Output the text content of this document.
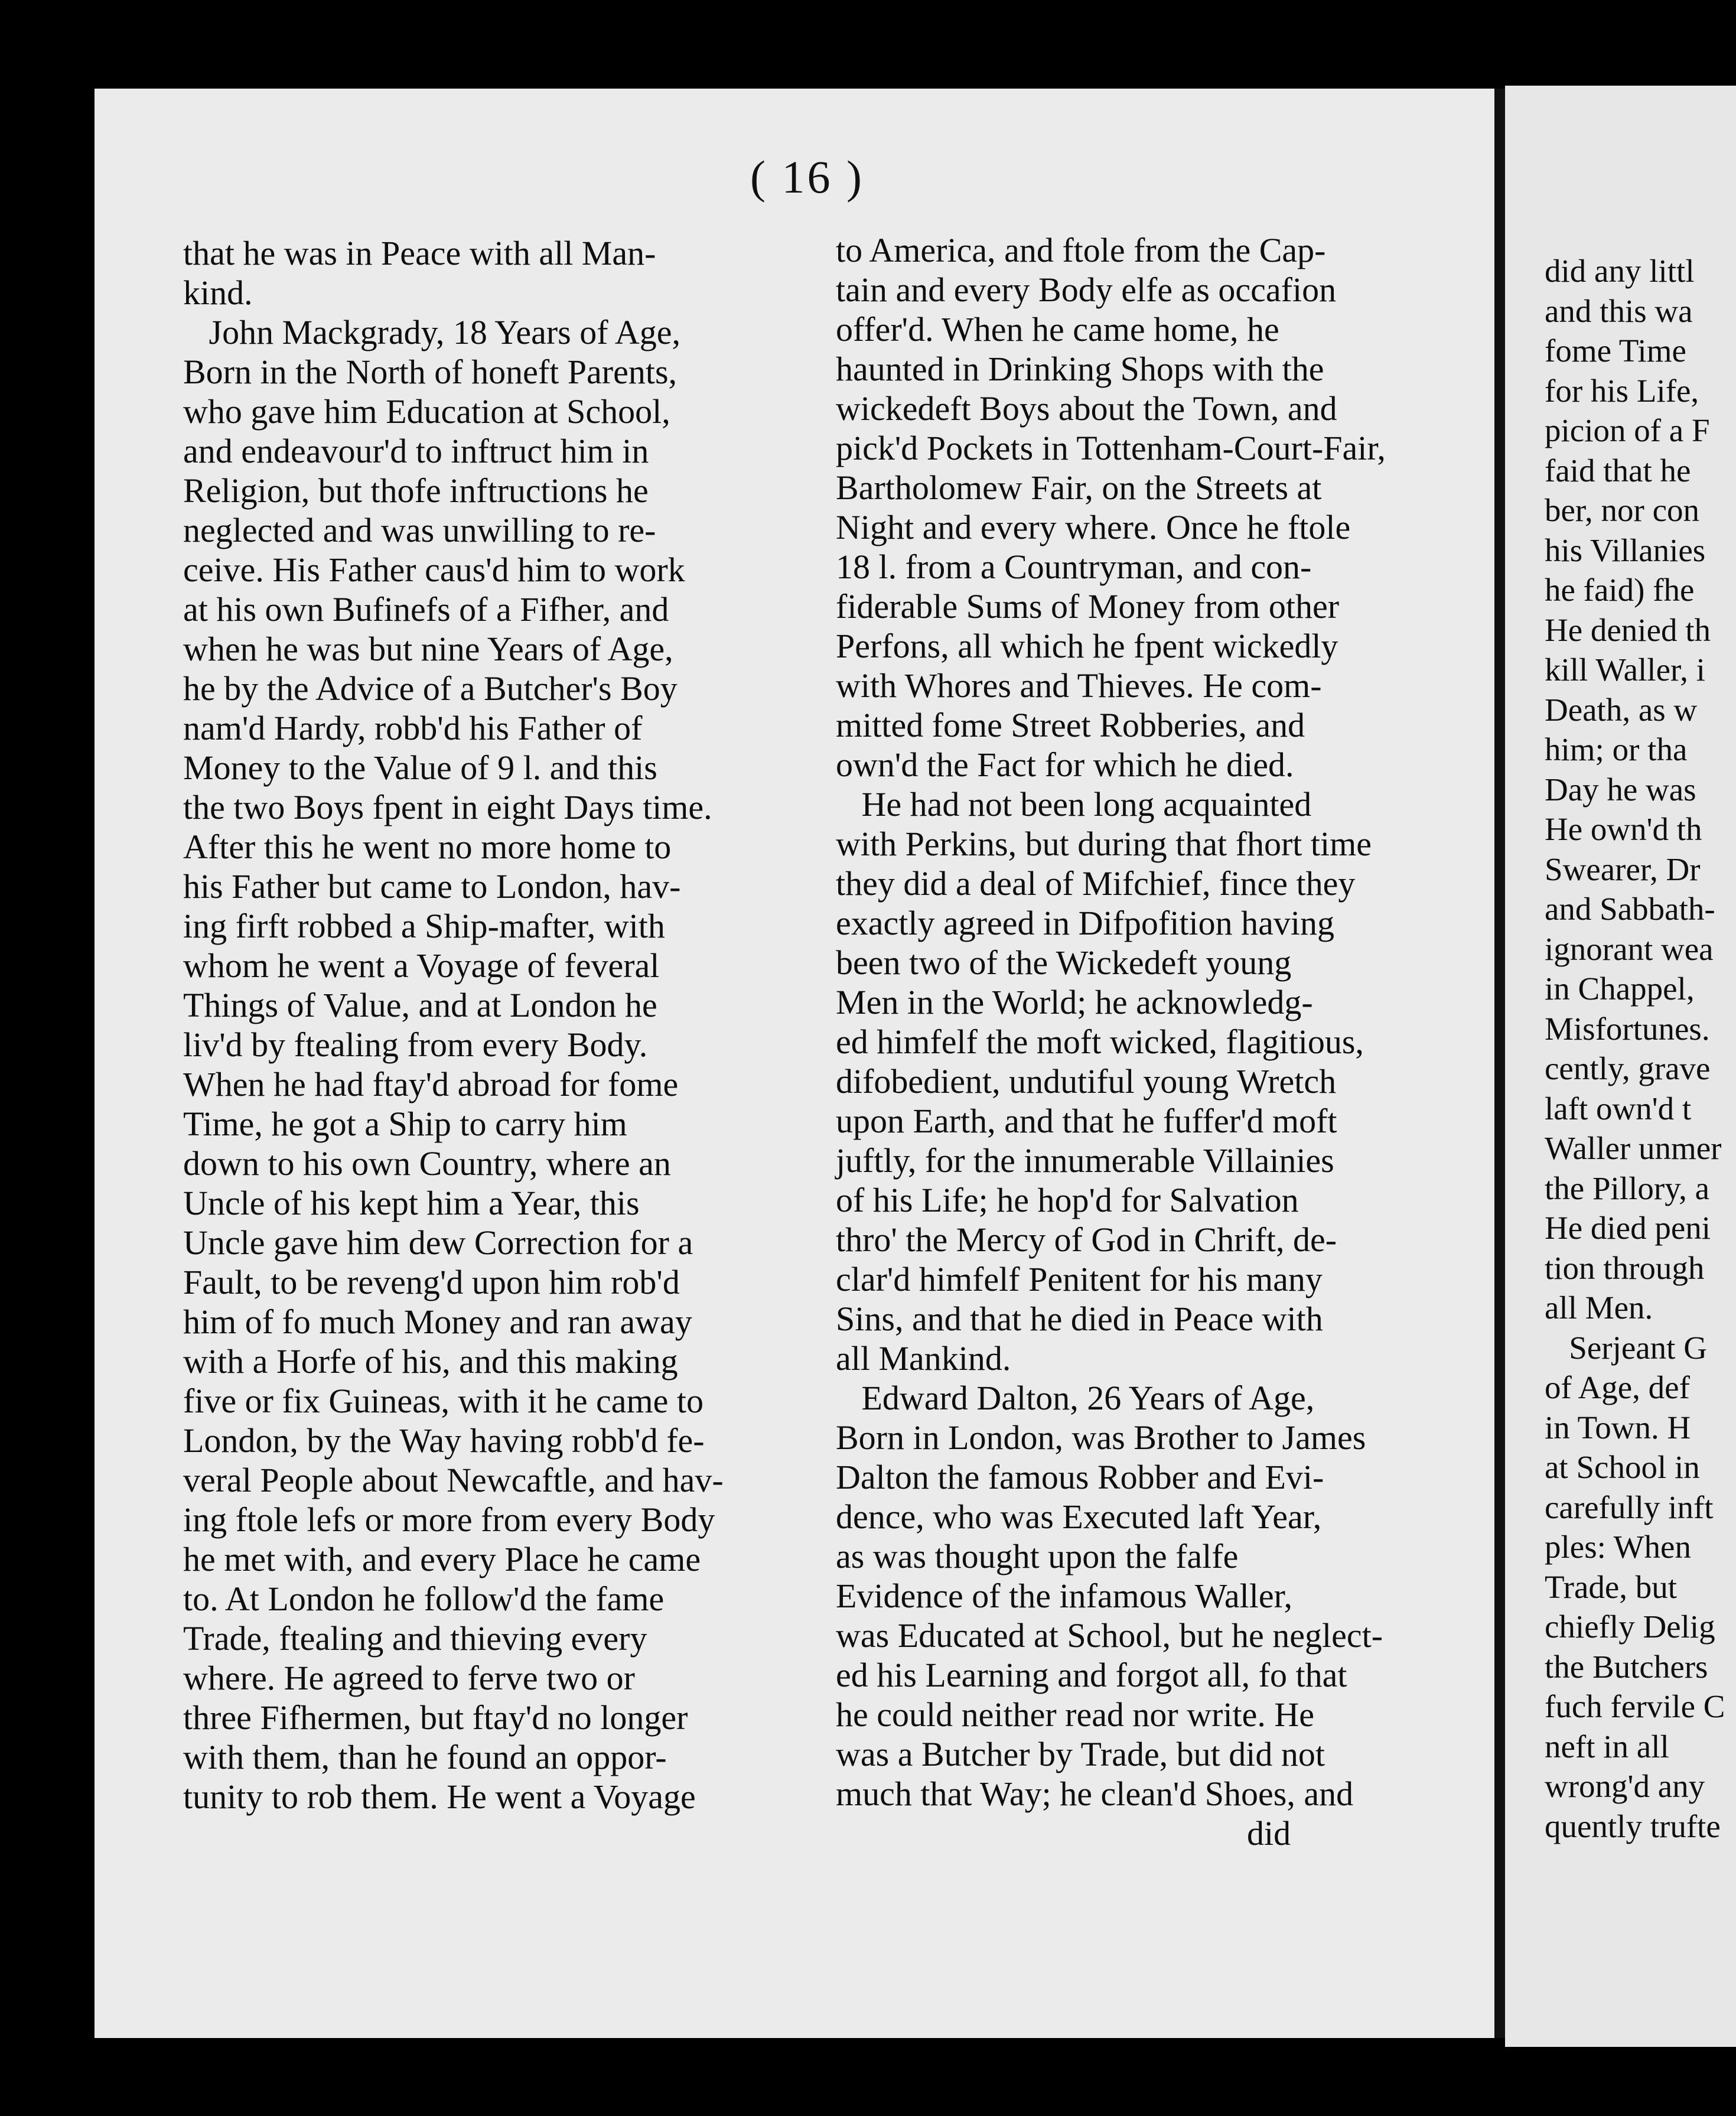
( 16 )
that he was in Peace with all Man-
kind.
John Mackgrady, 18 Years of Age,
Born in the North of honeft Parents,
who gave him Education at School,
and endeavour'd to inftruct him in
Religion, but thofe inftructions he
neglected and was unwilling to re-
ceive. His Father caus'd him to work
at his own Bufinefs of a Fifher, and
when he was but nine Years of Age,
he by the Advice of a Butcher's Boy
nam'd Hardy, robb'd his Father of
Money to the Value of 9 l. and this
the two Boys fpent in eight Days time.
After this he went no more home to
his Father but came to London, hav-
ing firft robbed a Ship-mafter, with
whom he went a Voyage of feveral
Things of Value, and at London he
liv'd by ftealing from every Body.
When he had ftay'd abroad for fome
Time, he got a Ship to carry him
down to his own Country, where an
Uncle of his kept him a Year, this
Uncle gave him dew Correction for a
Fault, to be reveng'd upon him rob'd
him of fo much Money and ran away
with a Horfe of his, and this making
five or fix Guineas, with it he came to
London, by the Way having robb'd fe-
veral People about Newcaftle, and hav-
ing ftole lefs or more from every Body
he met with, and every Place he came
to. At London he follow'd the fame
Trade, ftealing and thieving every
where. He agreed to ferve two or
three Fifhermen, but ftay'd no longer
with them, than he found an oppor-
tunity to rob them. He went a Voyage
to America, and ftole from the Cap-
tain and every Body elfe as occafion
offer'd. When he came home, he
haunted in Drinking Shops with the
wickedeft Boys about the Town, and
pick'd Pockets in Tottenham-Court-Fair,
Bartholomew Fair, on the Streets at
Night and every where. Once he ftole
18 l. from a Countryman, and con-
fiderable Sums of Money from other
Perfons, all which he fpent wickedly
with Whores and Thieves. He com-
mitted fome Street Robberies, and
own'd the Fact for which he died.
He had not been long acquainted
with Perkins, but during that fhort time
they did a deal of Mifchief, fince they
exactly agreed in Difpofition having
been two of the Wickedeft young
Men in the World; he acknowledg-
ed himfelf the moft wicked, flagitious,
difobedient, undutiful young Wretch
upon Earth, and that he fuffer'd moft
juftly, for the innumerable Villainies
of his Life; he hop'd for Salvation
thro' the Mercy of God in Chrift, de-
clar'd himfelf Penitent for his many
Sins, and that he died in Peace with
all Mankind.
Edward Dalton, 26 Years of Age,
Born in London, was Brother to James
Dalton the famous Robber and Evi-
dence, who was Executed laft Year,
as was thought upon the falfe
Evidence of the infamous Waller,
was Educated at School, but he neglect-
ed his Learning and forgot all, fo that
he could neither read nor write. He
was a Butcher by Trade, but did not
much that Way; he clean'd Shoes, and
did
did any littl
and this wa
fome Time
for his Life,
picion of a F
faid that he
ber, nor con
his Villanies
he faid) fhe
He denied th
kill Waller, i
Death, as w
him; or tha
Day he was
He own'd th
Swearer, Dr
and Sabbath-
ignorant wea
in Chappel,
Misfortunes.
cently, grave
laft own'd t
Waller unmer
the Pillory, a
He died peni
tion through
all Men.
Serjeant G
of Age, def
in Town. H
at School in
carefully inft
ples: When
Trade, but
chiefly Delig
the Butchers
fuch fervile C
neft in all
wrong'd any
quently trufte
